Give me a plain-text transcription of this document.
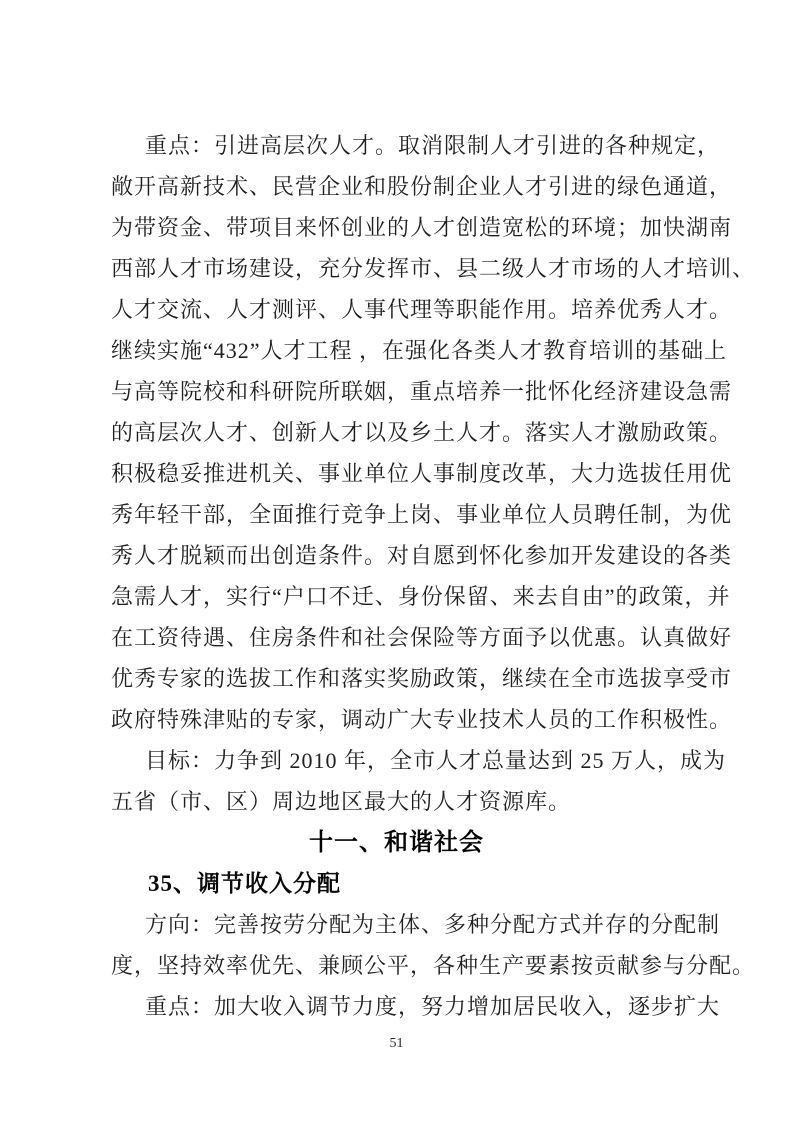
重点：引进高层次人才。取消限制人才引进的各种规定，
敞开高新技术、民营企业和股份制企业人才引进的绿色通道，
为带资金、带项目来怀创业的人才创造宽松的环境；加快湖南
西部人才市场建设，充分发挥市、县二级人才市场的人才培训、
人才交流、人才测评、人事代理等职能作用。培养优秀人才。
继续实施“432”人才工程 ，在强化各类人才教育培训的基础上
与高等院校和科研院所联姻，重点培养一批怀化经济建设急需
的高层次人才、创新人才以及乡土人才。落实人才激励政策。
积极稳妥推进机关、事业单位人事制度改革，大力选拔任用优
秀年轻干部，全面推行竞争上岗、事业单位人员聘任制，为优
秀人才脱颖而出创造条件。对自愿到怀化参加开发建设的各类
急需人才，实行“户口不迁、身份保留、来去自由”的政策，并
在工资待遇、住房条件和社会保险等方面予以优惠。认真做好
优秀专家的选拔工作和落实奖励政策，继续在全市选拔享受市
政府特殊津贴的专家，调动广大专业技术人员的工作积极性。
目标：力争到 2010 年，全市人才总量达到 25 万人，成为
五省（市、区）周边地区最大的人才资源库。
十一、和谐社会
35、调节收入分配
方向：完善按劳分配为主体、多种分配方式并存的分配制
度，坚持效率优先、兼顾公平，各种生产要素按贡献参与分配。
重点：加大收入调节力度，努力增加居民收入，逐步扩大
51
